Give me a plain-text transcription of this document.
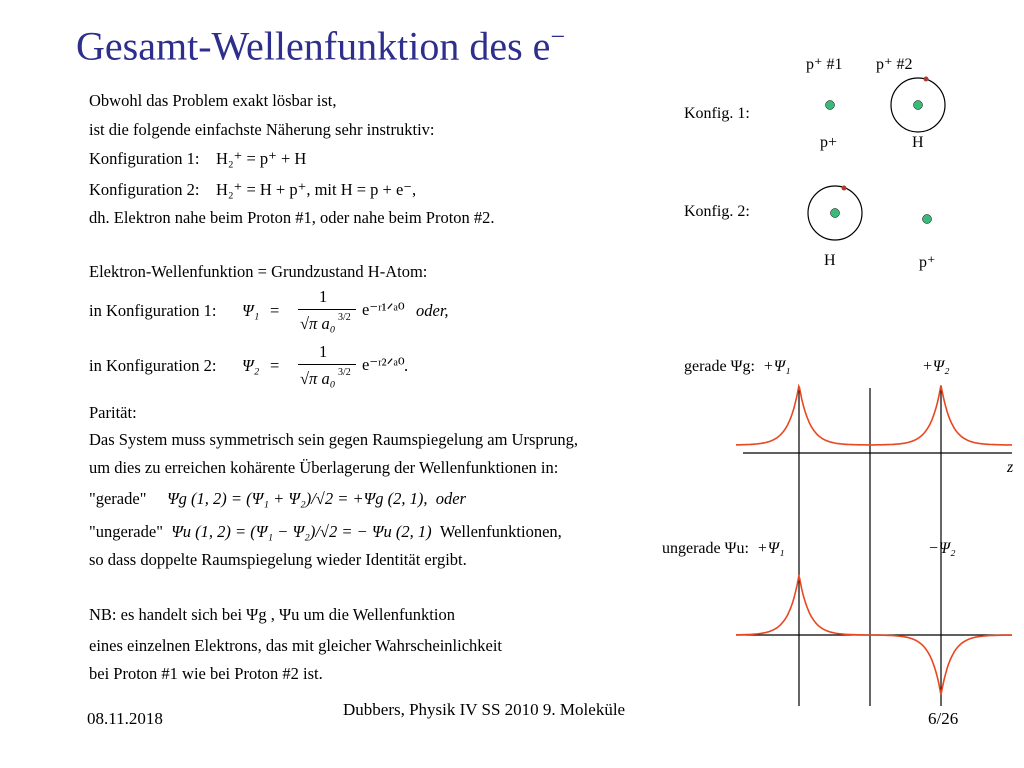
Gesamt-Wellenfunktion des e−
Obwohl das Problem exakt lösbar ist,
ist die folgende einfachste Näherung sehr instruktiv:
Konfiguration 1: H₂⁺ = p⁺ + H
Konfiguration 2: H₂⁺ = H + p⁺, mit H = p + e⁻,
dh. Elektron nahe beim Proton #1, oder nahe beim Proton #2.
Elektron-Wellenfunktion = Grundzustand H-Atom:
in Konfiguration 1: Ψ₁ =
1
√π a₀ 3/2 e⁻ʳ¹ᐟᵃ⁰ oder,
in Konfiguration 2: Ψ₂ =
1
√π a₀ 3/2 e⁻ʳ²ᐟᵃ⁰ .
Parität:
Das System muss symmetrisch sein gegen Raumspiegelung am Ursprung,
um dies zu erreichen kohärente Überlagerung der Wellenfunktionen in:
"gerade" Ψg (1, 2) = (Ψ₁ + Ψ₂)/√2 = +Ψg (2, 1), oder
"ungerade" Ψu (1, 2) = (Ψ₁ − Ψ₂)/√2 = − Ψu (2, 1) Wellenfunktionen,
so dass doppelte Raumspiegelung wieder Identität ergibt.
NB: es handelt sich bei Ψg , Ψu um die Wellenfunktion
eines einzelnen Elektrons, das mit gleicher Wahrscheinlichkeit
bei Proton #1 wie bei Proton #2 ist.
p⁺ #1 p⁺ #2
Konfig. 1:
Konfig. 2:
p+	H
H	p⁺
gerade Ψg: +Ψ₁	+Ψ₂
z
ungerade Ψu: +Ψ₁	−Ψ₂
08.11.2018	Dubbers, Physik IV SS 2010 9. Moleküle	6/26
